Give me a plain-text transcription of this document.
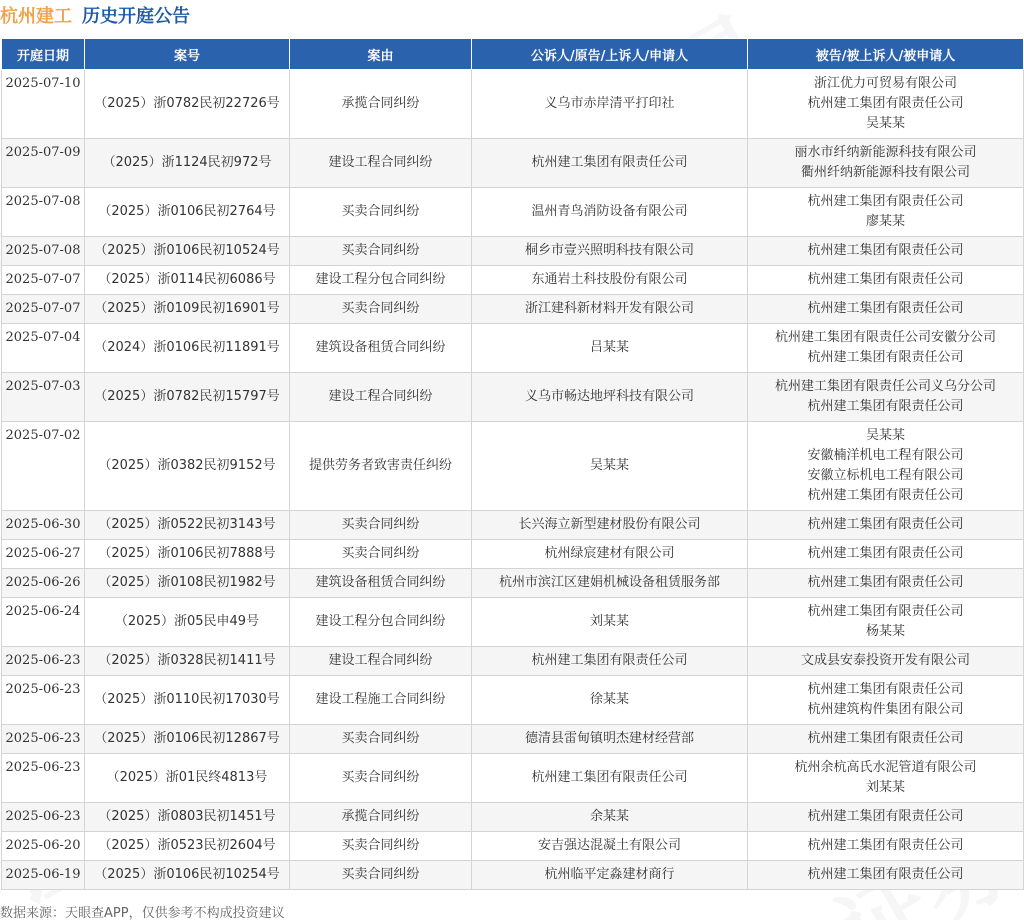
杭州建工 历史开庭公告
开庭日期	案号	案由	公诉人/原告/上诉人/申请人	被告/被上诉人/被申请人
2025-07-10	（2025）浙0782民初22726号	承揽合同纠纷	义乌市赤岸清平打印社	浙江优力可贸易有限公司
杭州建工集团有限责任公司
吴某某

2025-07-09	（2025）浙1124民初972号	建设工程合同纠纷	杭州建工集团有限责任公司	丽水市纤纳新能源科技有限公司
衢州纤纳新能源科技有限公司

2025-07-08	（2025）浙0106民初2764号	买卖合同纠纷	温州青鸟消防设备有限公司	杭州建工集团有限责任公司
廖某某

2025-07-08	（2025）浙0106民初10524号	买卖合同纠纷	桐乡市壹兴照明科技有限公司	杭州建工集团有限责任公司

2025-07-07	（2025）浙0114民初6086号	建设工程分包合同纠纷	东通岩土科技股份有限公司	杭州建工集团有限责任公司

2025-07-07	（2025）浙0109民初16901号	买卖合同纠纷	浙江建科新材料开发有限公司	杭州建工集团有限责任公司

2025-07-04	（2024）浙0106民初11891号	建筑设备租赁合同纠纷	吕某某	杭州建工集团有限责任公司安徽分公司
杭州建工集团有限责任公司

2025-07-03	（2025）浙0782民初15797号	建设工程合同纠纷	义乌市畅达地坪科技有限公司	杭州建工集团有限责任公司义乌分公司
杭州建工集团有限责任公司

2025-07-02	（2025）浙0382民初9152号	提供劳务者致害责任纠纷	吴某某	吴某某
安徽楠洋机电工程有限公司
安徽立标机电工程有限公司
杭州建工集团有限责任公司

2025-06-30	（2025）浙0522民初3143号	买卖合同纠纷	长兴海立新型建材股份有限公司	杭州建工集团有限责任公司

2025-06-27	（2025）浙0106民初7888号	买卖合同纠纷	杭州绿宸建材有限公司	杭州建工集团有限责任公司

2025-06-26	（2025）浙0108民初1982号	建筑设备租赁合同纠纷	杭州市滨江区建娟机械设备租赁服务部	杭州建工集团有限责任公司

2025-06-24	（2025）浙05民申49号	建设工程分包合同纠纷	刘某某	杭州建工集团有限责任公司
杨某某

2025-06-23	（2025）浙0328民初1411号	建设工程合同纠纷	杭州建工集团有限责任公司	文成县安泰投资开发有限公司

2025-06-23	（2025）浙0110民初17030号	建设工程施工合同纠纷	徐某某	杭州建工集团有限责任公司
杭州建筑构件集团有限公司

2025-06-23	（2025）浙0106民初12867号	买卖合同纠纷	德清县雷甸镇明杰建材经营部	杭州建工集团有限责任公司

2025-06-23	（2025）浙01民终4813号	买卖合同纠纷	杭州建工集团有限责任公司	杭州余杭高氏水泥管道有限公司
刘某某

2025-06-23	（2025）浙0803民初1451号	承揽合同纠纷	余某某	杭州建工集团有限责任公司

2025-06-20	（2025）浙0523民初2604号	买卖合同纠纷	安吉强达混凝土有限公司	杭州建工集团有限责任公司

2025-06-19	（2025）浙0106民初10254号	买卖合同纠纷	杭州临平定淼建材商行	杭州建工集团有限责任公司
数据来源：天眼查APP，仅供参考不构成投资建议
